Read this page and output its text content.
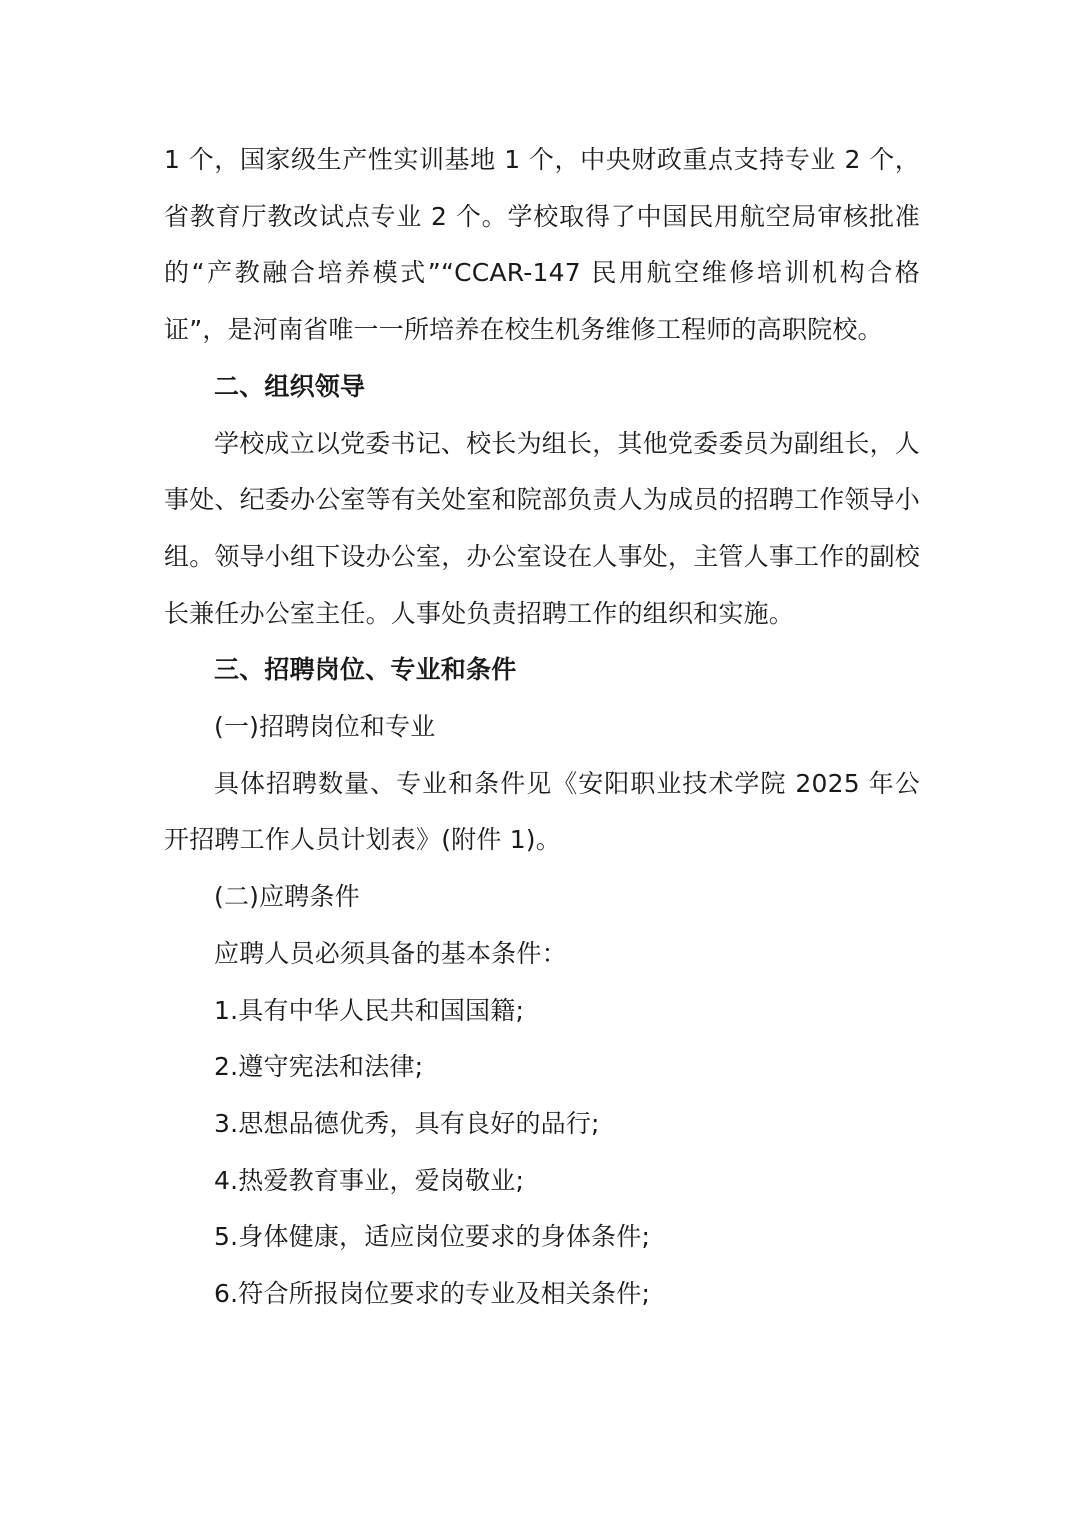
1 个，国家级生产性实训基地 1 个，中央财政重点支持专业 2 个，省教育厅教改试点专业 2 个。学校取得了中国民用航空局审核批准的“产教融合培养模式”“CCAR-147 民用航空维修培训机构合格证”，是河南省唯一一所培养在校生机务维修工程师的高职院校。

二、组织领导

学校成立以党委书记、校长为组长，其他党委委员为副组长，人事处、纪委办公室等有关处室和院部负责人为成员的招聘工作领导小组。领导小组下设办公室，办公室设在人事处，主管人事工作的副校长兼任办公室主任。人事处负责招聘工作的组织和实施。

三、招聘岗位、专业和条件

(一)招聘岗位和专业

具体招聘数量、专业和条件见《安阳职业技术学院 2025 年公开招聘工作人员计划表》(附件 1)。

(二)应聘条件

应聘人员必须具备的基本条件：

1.具有中华人民共和国国籍;

2.遵守宪法和法律;

3.思想品德优秀，具有良好的品行;

4.热爱教育事业，爱岗敬业;

5.身体健康，适应岗位要求的身体条件;

6.符合所报岗位要求的专业及相关条件;
